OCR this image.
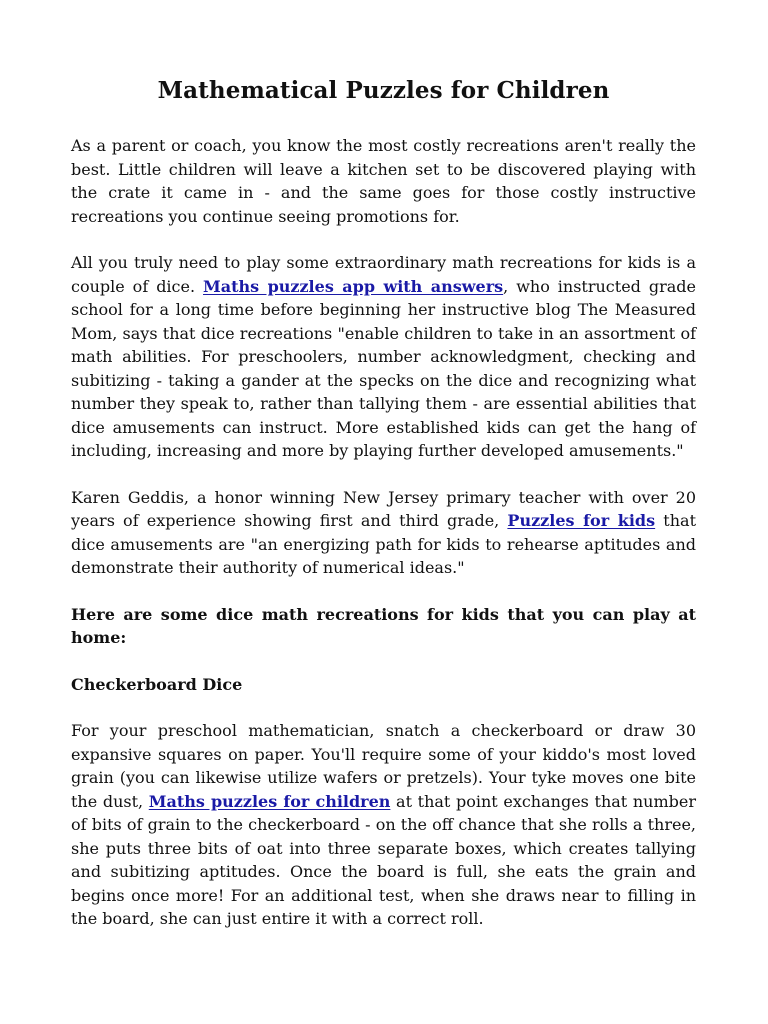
Mathematical Puzzles for Children

As a parent or coach, you know the most costly recreations aren't really the best. Little children will leave a kitchen set to be discovered playing with the crate it came in - and the same goes for those costly instructive recreations you continue seeing promotions for.

All you truly need to play some extraordinary math recreations for kids is a couple of dice. Maths puzzles app with answers, who instructed grade school for a long time before beginning her instructive blog The Measured Mom, says that dice recreations "enable children to take in an assortment of math abilities. For preschoolers, number acknowledgment, checking and subitizing - taking a gander at the specks on the dice and recognizing what number they speak to, rather than tallying them - are essential abilities that dice amusements can instruct. More established kids can get the hang of including, increasing and more by playing further developed amusements."

Karen Geddis, a honor winning New Jersey primary teacher with over 20 years of experience showing first and third grade, Puzzles for kids that dice amusements are "an energizing path for kids to rehearse aptitudes and demonstrate their authority of numerical ideas."

Here are some dice math recreations for kids that you can play at home:

Checkerboard Dice

For your preschool mathematician, snatch a checkerboard or draw 30 expansive squares on paper. You'll require some of your kiddo's most loved grain (you can likewise utilize wafers or pretzels). Your tyke moves one bite the dust, Maths puzzles for children at that point exchanges that number of bits of grain to the checkerboard - on the off chance that she rolls a three, she puts three bits of oat into three separate boxes, which creates tallying and subitizing aptitudes. Once the board is full, she eats the grain and begins once more! For an additional test, when she draws near to filling in the board, she can just entire it with a correct roll.
